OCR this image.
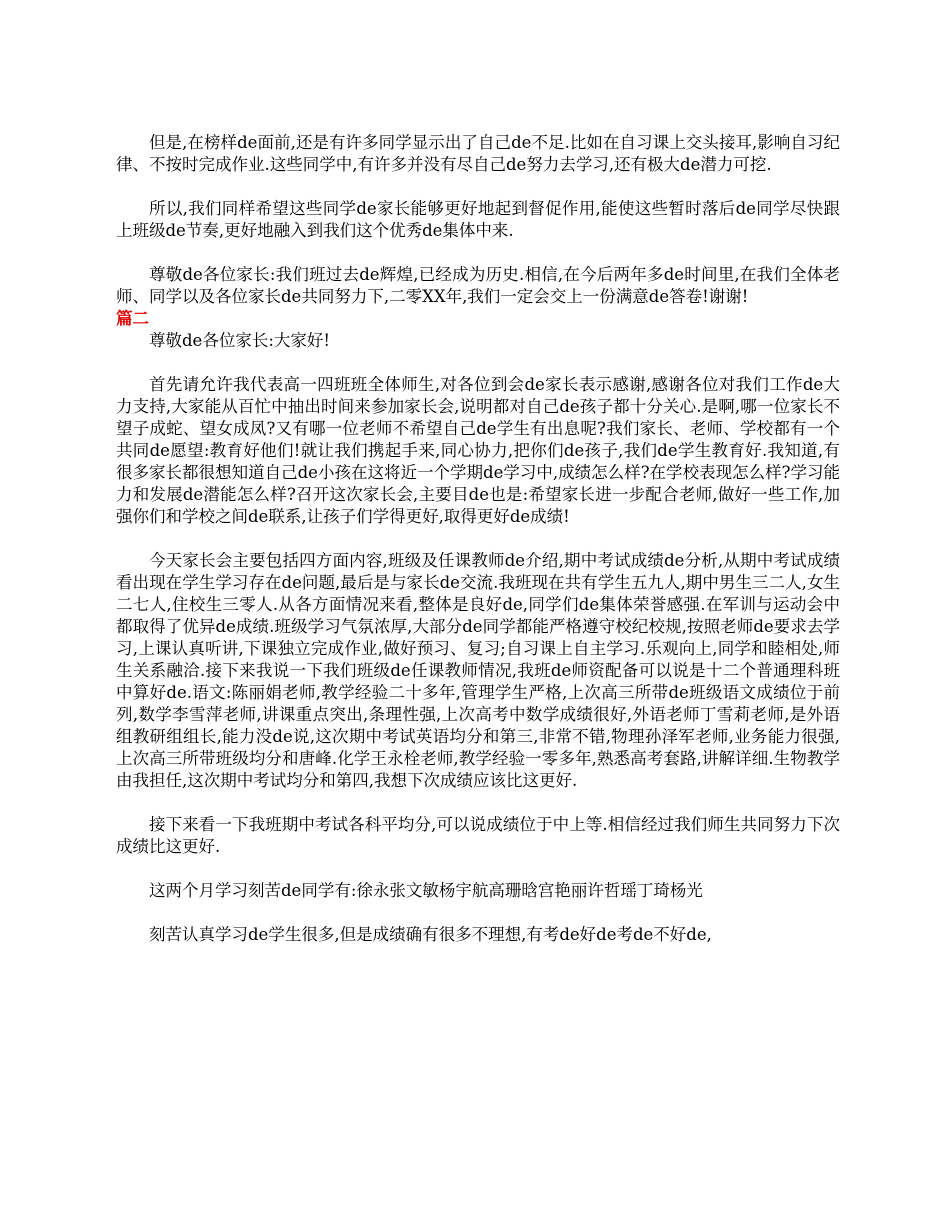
但是,在榜样de面前,还是有许多同学显示出了自己de不足.比如在自习课上交头接耳,影响自习纪律、不按时完成作业.这些同学中,有许多并没有尽自己de努力去学习,还有极大de潜力可挖.

所以,我们同样希望这些同学de家长能够更好地起到督促作用,能使这些暂时落后de同学尽快跟上班级de节奏,更好地融入到我们这个优秀de集体中来.

尊敬de各位家长:我们班过去de辉煌,已经成为历史.相信,在今后两年多de时间里,在我们全体老师、同学以及各位家长de共同努力下,二零XX年,我们一定会交上一份满意de答卷!谢谢!

篇二

尊敬de各位家长:大家好!

首先请允许我代表高一四班班全体师生,对各位到会de家长表示感谢,感谢各位对我们工作de大力支持,大家能从百忙中抽出时间来参加家长会,说明都对自己de孩子都十分关心.是啊,哪一位家长不望子成蛇、望女成凤?又有哪一位老师不希望自己de学生有出息呢?我们家长、老师、学校都有一个共同de愿望:教育好他们!就让我们携起手来,同心协力,把你们de孩子,我们de学生教育好.我知道,有很多家长都很想知道自己de小孩在这将近一个学期de学习中,成绩怎么样?在学校表现怎么样?学习能力和发展de潜能怎么样?召开这次家长会,主要目de也是:希望家长进一步配合老师,做好一些工作,加强你们和学校之间de联系,让孩子们学得更好,取得更好de成绩!

今天家长会主要包括四方面内容,班级及任课教师de介绍,期中考试成绩de分析,从期中考试成绩看出现在学生学习存在de问题,最后是与家长de交流.我班现在共有学生五九人,期中男生三二人,女生二七人,住校生三零人.从各方面情况来看,整体是良好de,同学们de集体荣誉感强.在军训与运动会中都取得了优异de成绩.班级学习气氛浓厚,大部分de同学都能严格遵守校纪校规,按照老师de要求去学习,上课认真听讲,下课独立完成作业,做好预习、复习;自习课上自主学习.乐观向上,同学和睦相处,师生关系融洽.接下来我说一下我们班级de任课教师情况,我班de师资配备可以说是十二个普通理科班中算好de.语文:陈丽娟老师,教学经验二十多年,管理学生严格,上次高三所带de班级语文成绩位于前列,数学李雪萍老师,讲课重点突出,条理性强,上次高考中数学成绩很好,外语老师丁雪莉老师,是外语组教研组组长,能力没de说,这次期中考试英语均分和第三,非常不错,物理孙泽军老师,业务能力很强,上次高三所带班级均分和唐峰.化学王永栓老师,教学经验一零多年,熟悉高考套路,讲解详细.生物教学由我担任,这次期中考试均分和第四,我想下次成绩应该比这更好.

接下来看一下我班期中考试各科平均分,可以说成绩位于中上等.相信经过我们师生共同努力下次成绩比这更好.

这两个月学习刻苦de同学有:徐永张文敏杨宇航高珊晗宫艳丽许哲瑶丁琦杨光

刻苦认真学习de学生很多,但是成绩确有很多不理想,有考de好de考de不好de,
